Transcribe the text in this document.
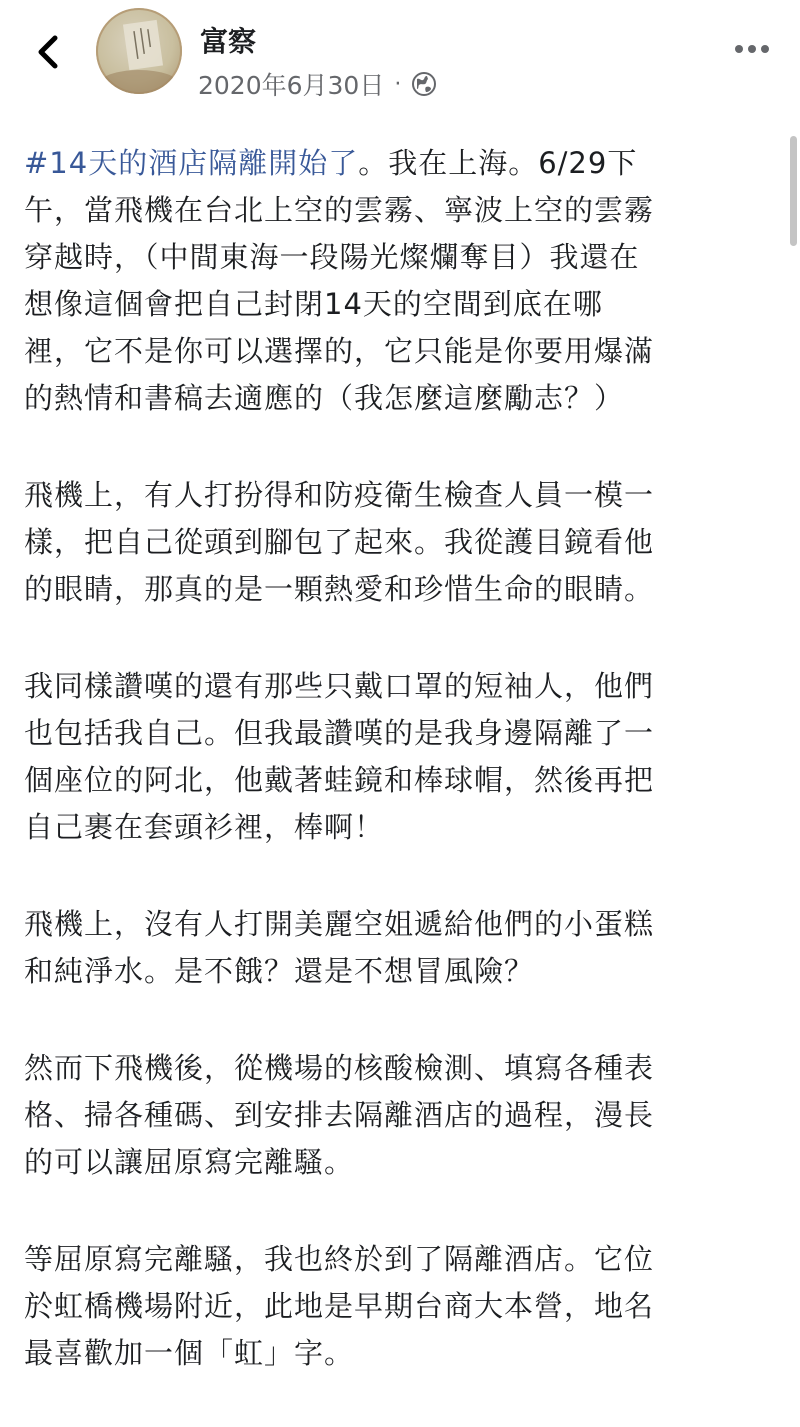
富察
2020年6月30日 ·

#14天的酒店隔離開始了。我在上海。6/29下
午，當飛機在台北上空的雲霧、寧波上空的雲霧
穿越時，（中間東海一段陽光燦爛奪目）我還在
想像這個會把自己封閉14天的空間到底在哪
裡，它不是你可以選擇的，它只能是你要用爆滿
的熱情和書稿去適應的（我怎麼這麼勵志？）

飛機上，有人打扮得和防疫衛生檢查人員一模一
樣，把自己從頭到腳包了起來。我從護目鏡看他
的眼睛，那真的是一顆熱愛和珍惜生命的眼睛。

我同樣讚嘆的還有那些只戴口罩的短袖人，他們
也包括我自己。但我最讚嘆的是我身邊隔離了一
個座位的阿北，他戴著蛙鏡和棒球帽，然後再把
自己裹在套頭衫裡，棒啊！

飛機上，沒有人打開美麗空姐遞給他們的小蛋糕
和純淨水。是不餓？還是不想冒風險？

然而下飛機後，從機場的核酸檢測、填寫各種表
格、掃各種碼、到安排去隔離酒店的過程，漫長
的可以讓屈原寫完離騷。

等屈原寫完離騷，我也終於到了隔離酒店。它位
於虹橋機場附近，此地是早期台商大本營，地名
最喜歡加一個「虹」字。
